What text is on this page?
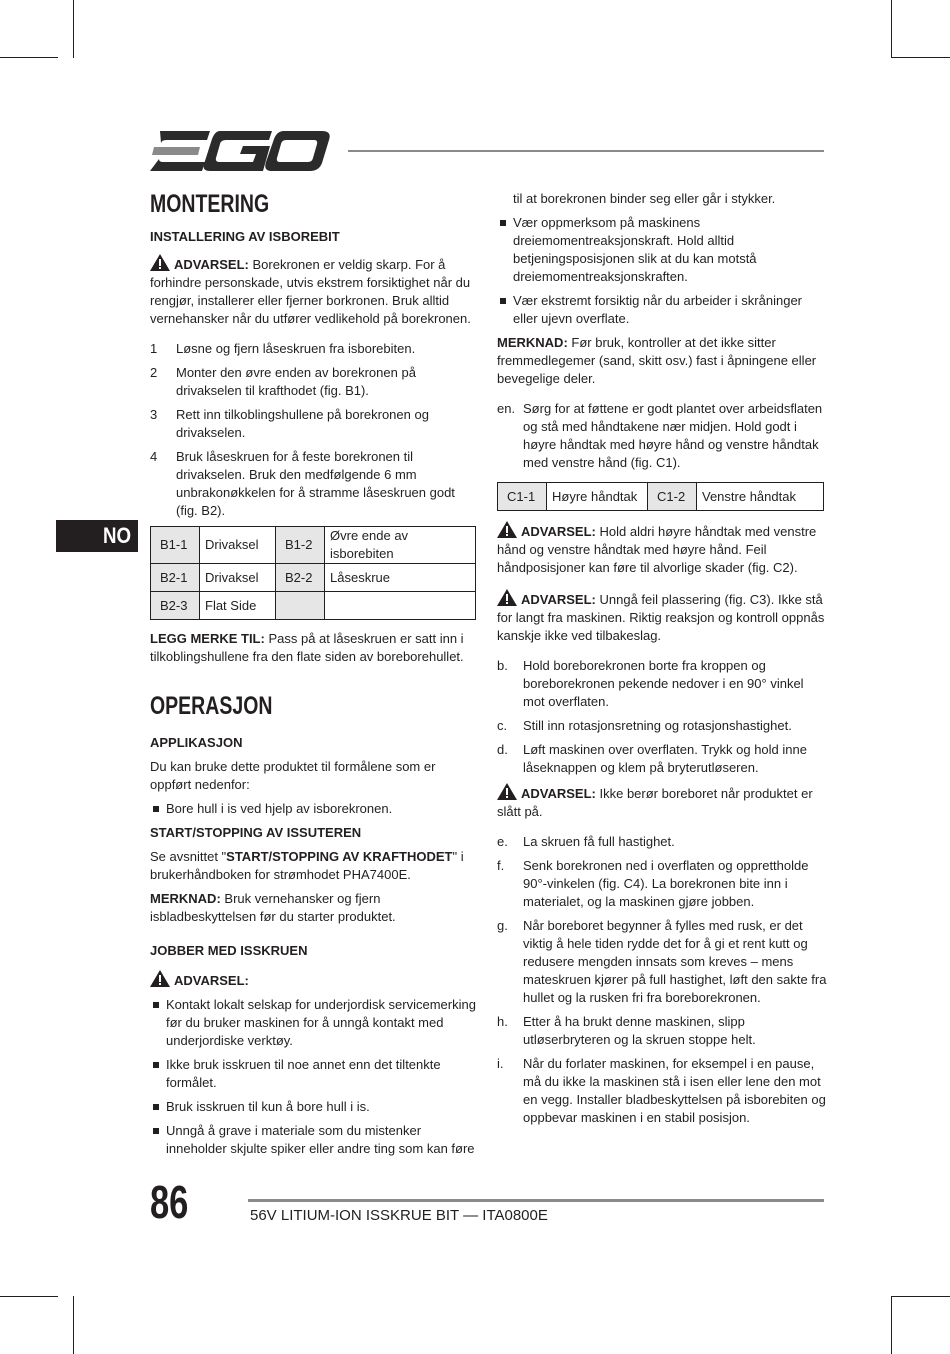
NO
MONTERING
INSTALLERING AV ISBOREBIT

ADVARSEL: Borekronen er veldig skarp. For å forhindre personskade, utvis ekstrem forsiktighet når du rengjør, installerer eller fjerner borkronen. Bruk alltid vernehansker når du utfører vedlikehold på borekronen.

1	Løsne og fjern låseskruen fra isborebiten.
2	Monter den øvre enden av borekronen på drivakselen til krafthodet (fig. B1).
3	Rett inn tilkoblingshullene på borekronen og drivakselen.
4	Bruk låseskruen for å feste borekronen til drivakselen. Bruk den medfølgende 6 mm unbrakonøkkelen for å stramme låseskruen godt (fig. B2).
B1-1	Drivaksel	B1-2	Øvre ende av isborebiten
B2-1	Drivaksel	B2-2	Låseskrue
B2-3	Flat Side		

LEGG MERKE TIL: Pass på at låseskruen er satt inn i tilkoblingshullene fra den flate siden av boreborehullet.

OPERASJON
APPLIKASJON

Du kan bruke dette produktet til formålene som er oppført nedenfor:

Bore hull i is ved hjelp av isborekronen.
START/STOPPING AV ISSUTEREN

Se avsnittet "START/STOPPING AV KRAFTHODET" i brukerhåndboken for strømhodet PHA7400E.

MERKNAD: Bruk vernehansker og fjern isbladbeskyttelsen før du starter produktet.

JOBBER MED ISSKRUEN

ADVARSEL:

Kontakt lokalt selskap for underjordisk servicemerking før du bruker maskinen for å unngå kontakt med underjordiske verktøy.
Ikke bruk isskruen til noe annet enn det tiltenkte formålet.
Bruk isskruen til kun å bore hull i is.
Unngå å grave i materiale som du mistenker inneholder skjulte spiker eller andre ting som kan føre

til at borekronen binder seg eller går i stykker.

Vær oppmerksom på maskinens dreiemomentreaksjonskraft. Hold alltid betjeningsposisjonen slik at du kan motstå dreiemomentreaksjonskraften.
Vær ekstremt forsiktig når du arbeider i skråninger eller ujevn overflate.

MERKNAD: Før bruk, kontroller at det ikke sitter fremmedlegemer (sand, skitt osv.) fast i åpningene eller bevegelige deler.

en. Sørg for at føttene er godt plantet over arbeidsflaten og stå med håndtakene nær midjen. Hold godt i høyre håndtak med høyre hånd og venstre håndtak med venstre hånd (fig. C1).
C1-1	Høyre håndtak	C1-2	Venstre håndtak

ADVARSEL: Hold aldri høyre håndtak med venstre hånd og venstre håndtak med høyre hånd. Feil håndposisjoner kan føre til alvorlige skader (fig. C2).

ADVARSEL: Unngå feil plassering (fig. C3). Ikke stå for langt fra maskinen. Riktig reaksjon og kontroll oppnås kanskje ikke ved tilbakeslag.

b.	Hold boreborekronen borte fra kroppen og boreborekronen pekende nedover i en 90° vinkel mot overflaten.
c.	Still inn rotasjonsretning og rotasjonshastighet.
d.	Løft maskinen over overflaten. Trykk og hold inne låseknappen og klem på bryterutløseren.

ADVARSEL: Ikke berør boreboret når produktet er slått på.

e.	La skruen få full hastighet.
f.	Senk borekronen ned i overflaten og opprettholde 90°-vinkelen (fig. C4). La borekronen bite inn i materialet, og la maskinen gjøre jobben.
g.	Når boreboret begynner å fylles med rusk, er det viktig å hele tiden rydde det for å gi et rent kutt og redusere mengden innsats som kreves – mens mateskruen kjører på full hastighet, løft den sakte fra hullet og la rusken fri fra boreborekronen.
h.	Etter å ha brukt denne maskinen, slipp utløserbryteren og la skruen stoppe helt.
i.	Når du forlater maskinen, for eksempel i en pause, må du ikke la maskinen stå i isen eller lene den mot en vegg. Installer bladbeskyttelsen på isborebiten og oppbevar maskinen i en stabil posisjon.
86	56V LITIUM-ION ISSKRUE BIT — ITA0800E
